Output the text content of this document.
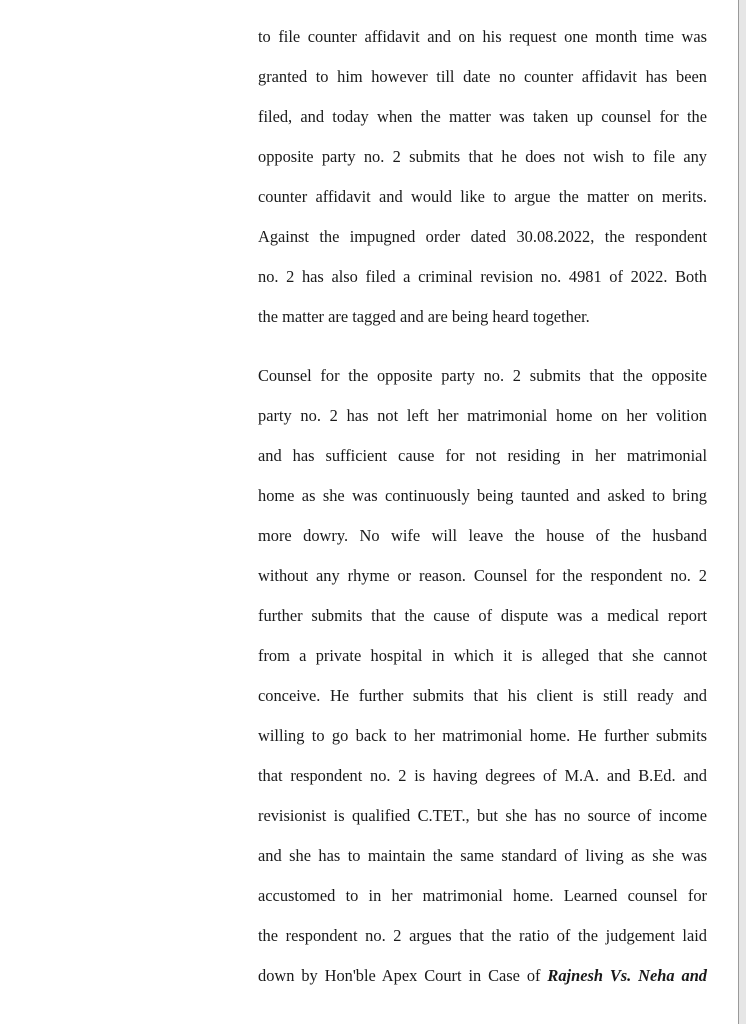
to file counter affidavit and on his request one month time was
granted to him however till date no counter affidavit has been
filed, and today when the matter was taken up counsel for the
opposite party no. 2 submits that he does not wish to file any
counter affidavit and would like to argue the matter on merits.
Against the impugned order dated 30.08.2022, the respondent
no. 2 has also filed a criminal revision no. 4981 of 2022. Both
the matter are tagged and are being heard together.
Counsel for the opposite party no. 2 submits that the opposite
party no. 2 has not left her matrimonial home on her volition
and has sufficient cause for not residing in her matrimonial
home as she was continuously being taunted and asked to bring
more dowry. No wife will leave the house of the husband
without any rhyme or reason. Counsel for the respondent no. 2
further submits that the cause of dispute was a medical report
from a private hospital in which it is alleged that she cannot
conceive. He further submits that his client is still ready and
willing to go back to her matrimonial home. He further submits
that respondent no. 2 is having degrees of M.A. and B.Ed. and
revisionist is qualified C.TET., but she has no source of income
and she has to maintain the same standard of living as she was
accustomed to in her matrimonial home. Learned counsel for
the respondent no. 2 argues that the ratio of the judgement laid
down by Hon'ble Apex Court in Case of Rajnesh Vs. Neha and
